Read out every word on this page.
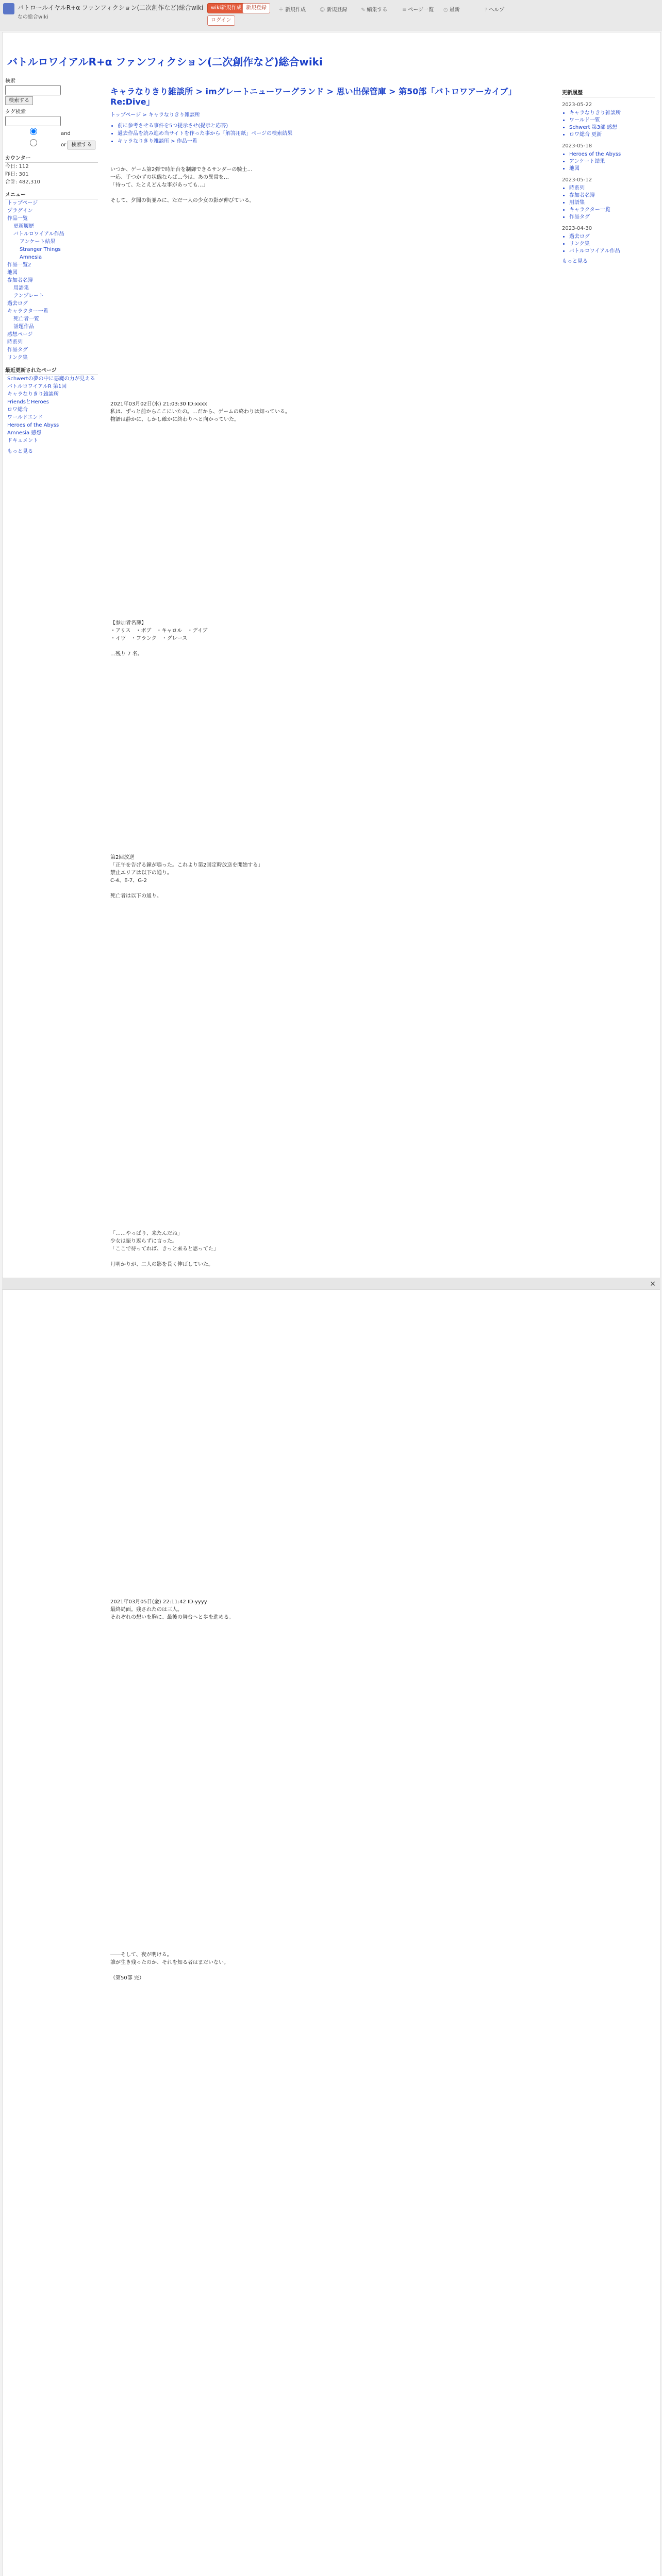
パトロールイヤルR+α ファンフィクション(二次創作など)総合wiki
なの総合wiki
wiki新規作成 新規登録
ログイン
＋ 新規作成	☺ 新規登録	✎ 編集する	≡ ページ一覧 ◷ 最新	? ヘルプ
バトルロワイアルR+α ファンフィクション(二次創作など)総合wiki
検索
検索する
タグ検索
and or 検索する
カウンター
今日: 112
昨日: 301
合計: 482,310
メニュー
トップページ
プラグイン
作品一覧
更新履歴
バトルロワイアル作品
アンケート結果
Stranger Things
Amnesia
作品一覧2
地図
参加者名簿
用語集
テンプレート
過去ログ
キャラクター一覧
死亡者一覧
話題作品
感想ページ
時系列
作品タグ
リンク集
最近更新されたページ
Schwertの夢の中に悪魔の力が見える
バトルロワイアルR 第1回
キャラなりきり雑談所
FriendsとHeroes
ロワ総合
ワールドエンド
Heroes of the Abyss
Amnesia 感想
ドキュメント
もっと見る
キャラなりきり雑談所 > imグレートニューワーグランド > 思い出保管庫 > 第50部「バトロワアーカイブ」Re:Dive」
トップページ > キャラなりきり雑談所
• 前に参考させる事件を5つ提示させ(提示と応答)
• 過去作品を読み進め当サイトを作った事から「解答用紙」ページの検索結果
• キャラなりきり雑談所 > 作品一覧
いつか、ゲーム第2弾で時計台を制御できるサンダーの騎士…
一応、手つかずの状態ならば…今は、あの異常を…
「待って、たとえどんな事があっても…」

そして、夕闇の街並みに、ただ一人の少女の影が伸びている。
2021年03月02日(水) 21:03:30 ID:xxxx
私は、ずっと前からここにいたの。…だから、ゲームの終わりは知っている。
物語は静かに、しかし確かに終わりへと向かっていた。
【参加者名簿】
・アリス　・ボブ　・キャロル　・デイブ
・イヴ　・フランク　・グレース

…残り 7 名。
第2回放送
「正午を告げる鐘が鳴った。これより第2回定時放送を開始する」
禁止エリアは以下の通り。
C-4、E-7、G-2

死亡者は以下の通り。
「……やっぱり、来たんだね」
少女は振り返らずに言った。
「ここで待ってれば、きっと来ると思ってた」

月明かりが、二人の影を長く伸ばしていた。
2021年03月05日(金) 22:11:42 ID:yyyy
最終局面。残されたのは三人。
それぞれの想いを胸に、最後の舞台へと歩を進める。
――そして、夜が明ける。
誰が生き残ったのか、それを知る者はまだいない。

（第50部 完）
更新履歴
2023-05-22
• キャラなりきり雑談所
• ワールド一覧
• Schwert 第3部 感想
• ロワ総合 更新
2023-05-18
• Heroes of the Abyss
• アンケート結果
• 地図
2023-05-12
• 時系列
• 参加者名簿
• 用語集
• キャラクター一覧
• 作品タグ
2023-04-30
• 過去ログ
• リンク集
• バトルロワイアル作品
もっと見る
×
